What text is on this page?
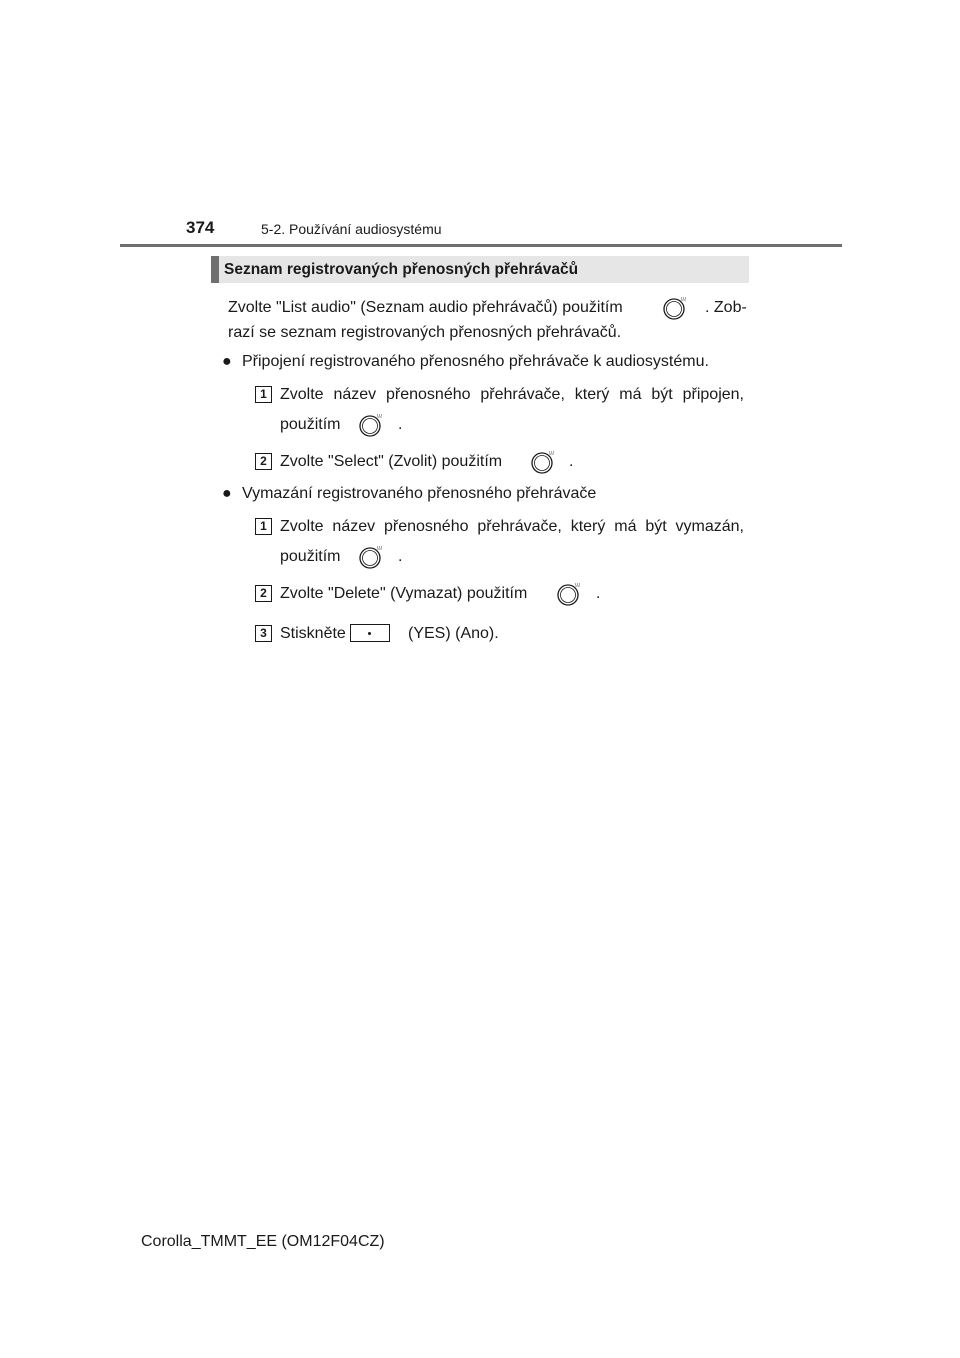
374	5-2. Používání audiosystému
Seznam registrovaných přenosných přehrávačů
Zvolte "List audio" (Seznam audio přehrávačů) použitím	. Zob-
razí se seznam registrovaných přenosných přehrávačů.
● Připojení registrovaného přenosného přehrávače k audiosystému.
1 Zvolte název přenosného přehrávače, který má být připojen,
použitím	.
2 Zvolte "Select" (Zvolit) použitím	.
● Vymazání registrovaného přenosného přehrávače
1 Zvolte název přenosného přehrávače, který má být vymazán,
použitím	.
2 Zvolte "Delete" (Vymazat) použitím	.
3 Stiskněte	(YES) (Ano).
Corolla_TMMT_EE (OM12F04CZ)
